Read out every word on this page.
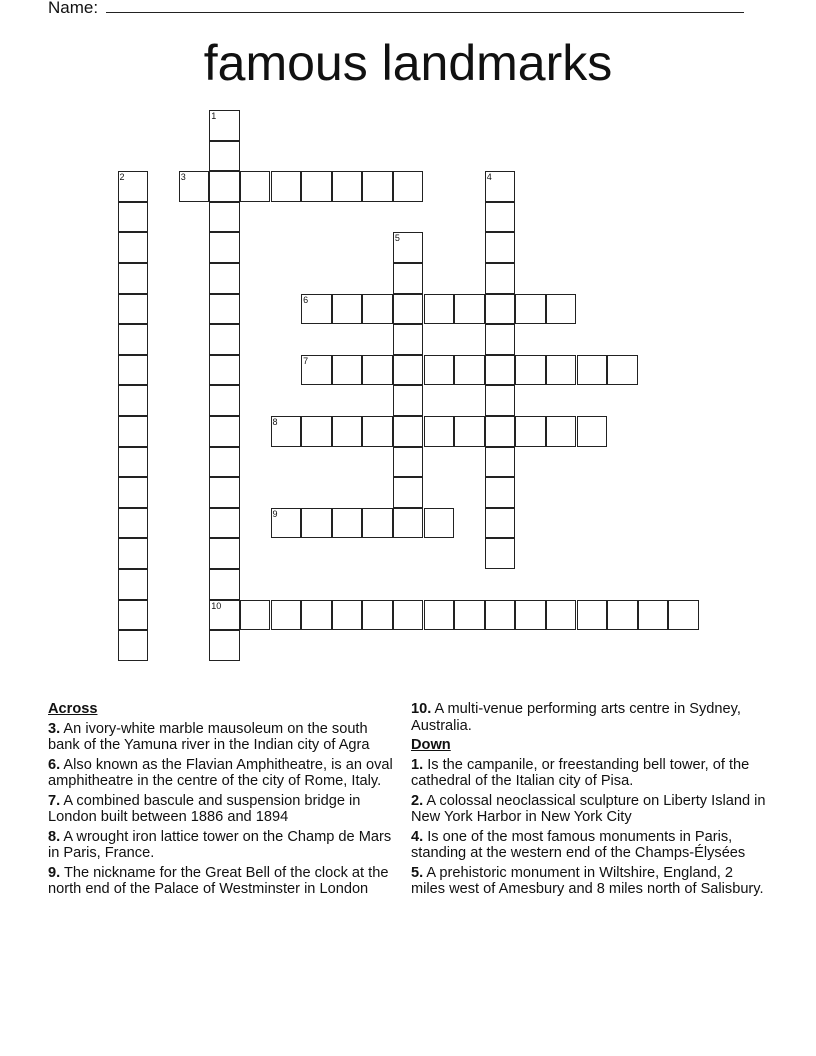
Name:
famous landmarks
1
10
2	3	4
5
6
7
8
9
Across
3. An ivory-white marble mausoleum on the south bank of the Yamuna river in the Indian city of Agra
6. Also known as the Flavian Amphitheatre, is an oval amphitheatre in the centre of the city of Rome, Italy.
7. A combined bascule and suspension bridge in London built between 1886 and 1894
8. A wrought iron lattice tower on the Champ de Mars in Paris, France.
9. The nickname for the Great Bell of the clock at the north end of the Palace of Westminster in London
10. A multi-venue performing arts centre in Sydney, Australia.
Down
1. Is the campanile, or freestanding bell tower, of the cathedral of the Italian city of Pisa.
2. A colossal neoclassical sculpture on Liberty Island in New York Harbor in New York City
4. Is one of the most famous monuments in Paris, standing at the western end of the Champs-Élysées
5. A prehistoric monument in Wiltshire, England, 2 miles west of Amesbury and 8 miles north of Salisbury.
